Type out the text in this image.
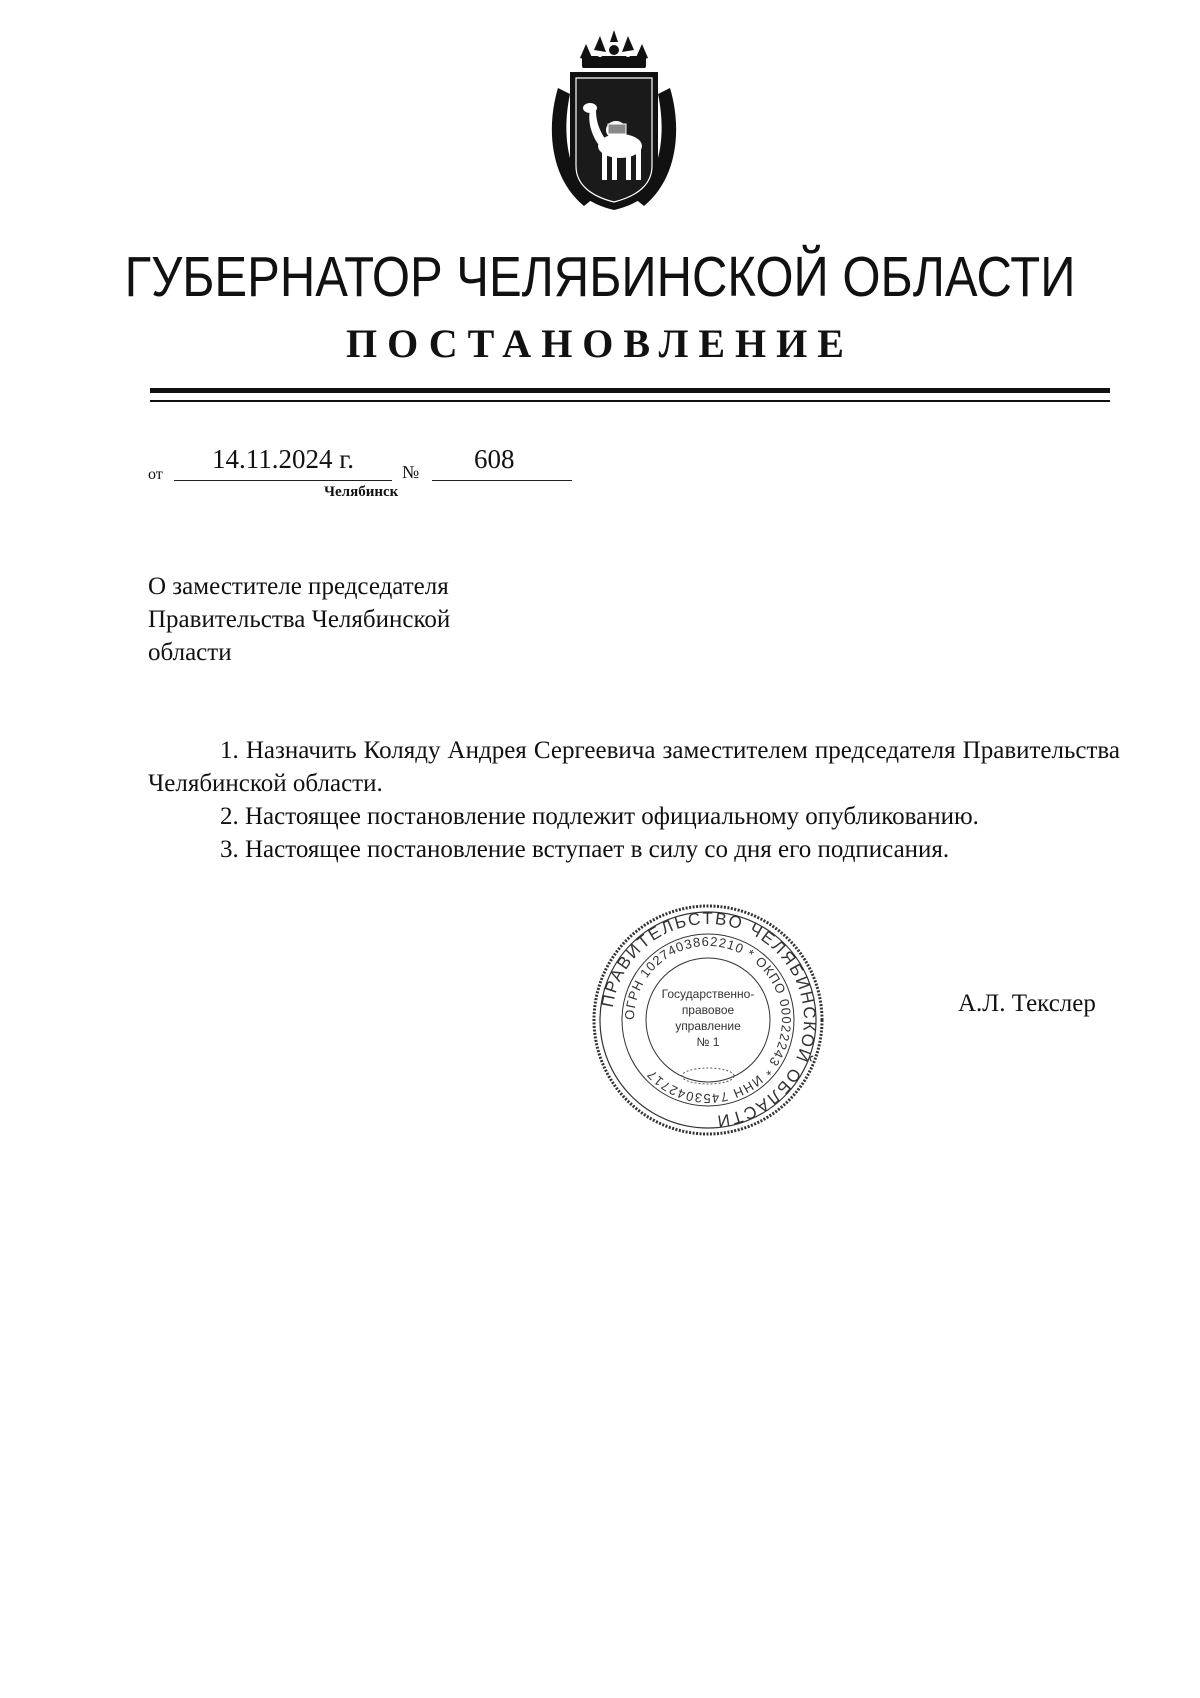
ГУБЕРНАТОР ЧЕЛЯБИНСКОЙ ОБЛАСТИ
ПОСТАНОВЛЕНИЕ
от
14.11.2024 г.	№ 608
Челябинск

О заместителе председателя
Правительства Челябинской
области

1. Назначить Коляду Андрея Сергеевича заместителем председателя Правительства Челябинской области.

2. Настоящее постановление подлежит официальному опубликованию.

3. Настоящее постановление вступает в силу со дня его подписания.

ПРАВИТЕЛЬСТВО ЧЕЛЯБИНСКОЙ ОБЛАСТИ
ОГРН 1027403862210 * ОКПО 00022243 * ИНН 7453042717
Государственно-
правовое
управление
№ 1
А.Л. Текслер
